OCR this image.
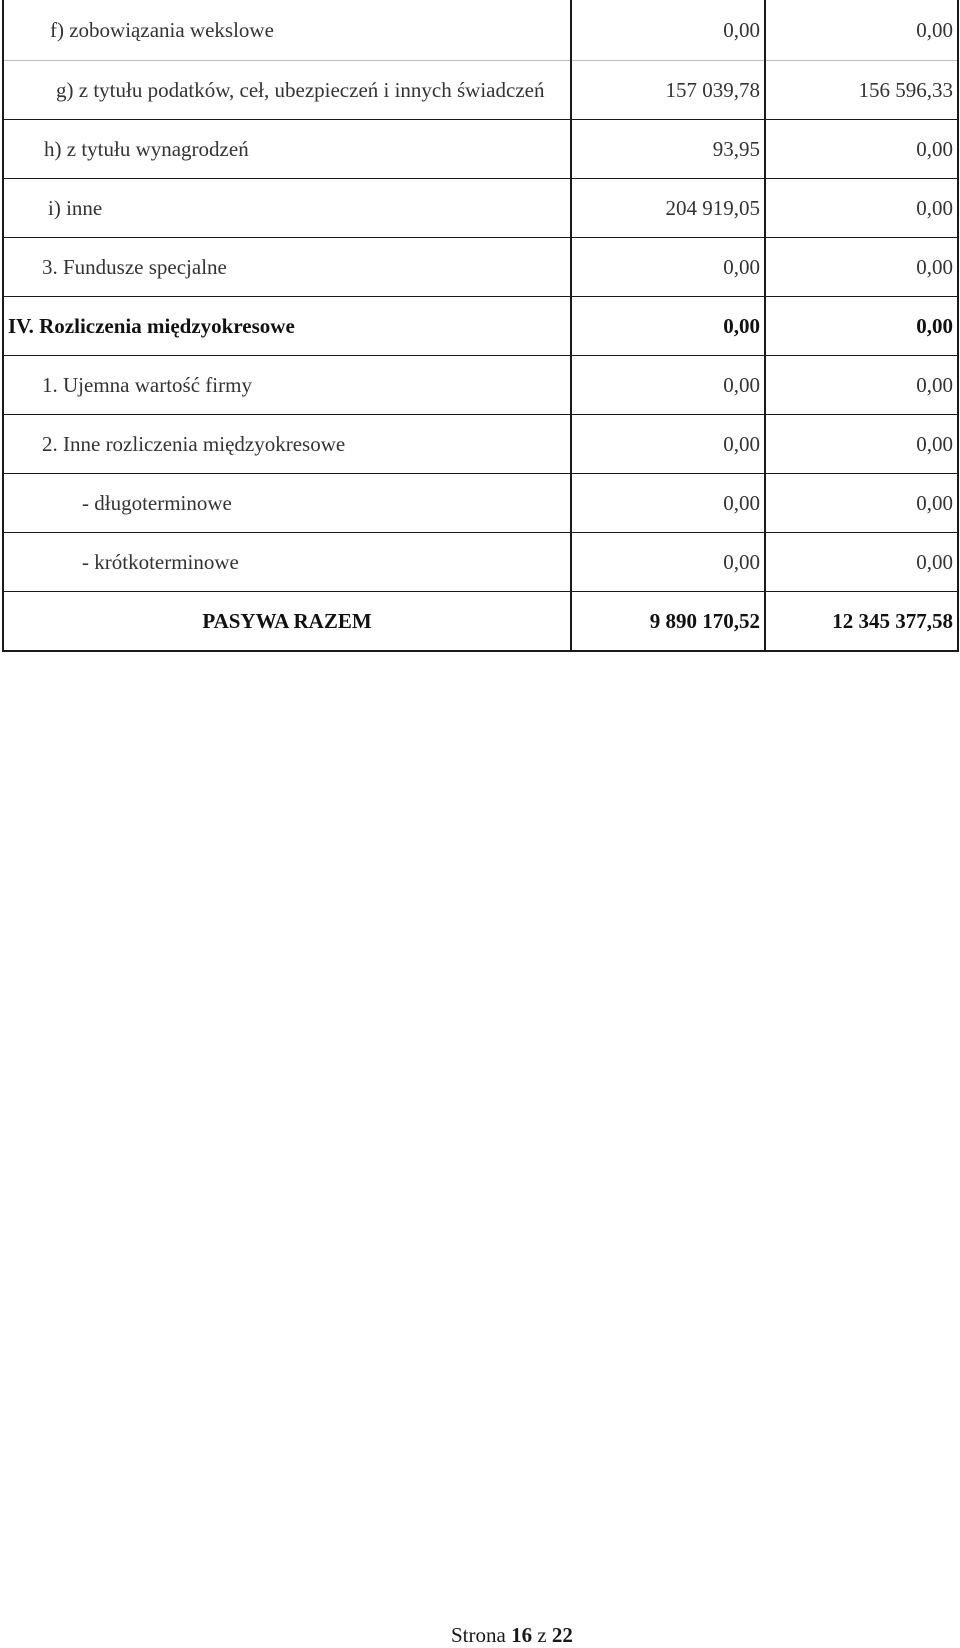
f) zobowiązania wekslowe	0,00	0,00

g) z tytułu podatków, ceł, ubezpieczeń i innych świadczeń	157 039,78	156 596,33
h) z tytułu wynagrodzeń	93,95	0,00
i) inne	204 919,05	0,00
3. Fundusze specjalne	0,00	0,00
IV. Rozliczenia międzyokresowe	0,00	0,00
1. Ujemna wartość firmy	0,00	0,00
2. Inne rozliczenia międzyokresowe	0,00	0,00
- długoterminowe	0,00	0,00
- krótkoterminowe	0,00	0,00
PASYWA RAZEM	9 890 170,52	12 345 377,58
Strona 16 z 22
